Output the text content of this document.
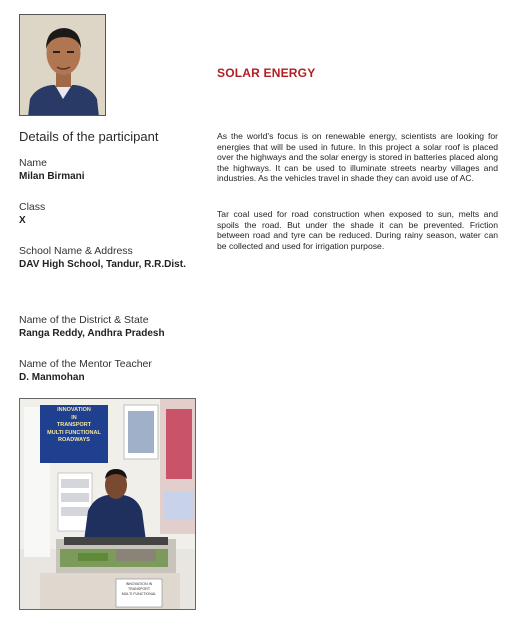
Details of the participant
Name
Milan Birmani
Class
X
School Name & Address
DAV High School, Tandur, R.R.Dist.
Name of the District & State
Ranga Reddy, Andhra Pradesh
Name of the Mentor Teacher
D. Manmohan
SOLAR ENERGY

As the world's focus is on renewable energy, scientists are looking for energies that will be used in future. In this project a solar roof is placed over the highways and the solar energy is stored in batteries placed along the highways. It can be used to illuminate streets nearby villages and industries. As the vehicles travel in shade they can avoid use of AC.

Tar coal used for road construction when exposed to sun, melts and spoils the road. But under the shade it can be prevented. Friction between road and tyre can be reduced. During rainy season, water can be collected and used for irrigation purpose.

INNOVATION
IN
TRANSPORT
MULTI FUNCTIONAL
ROADWAYS
INNOVATION IN
TRANSPORT
MULTI FUNCTIONAL
